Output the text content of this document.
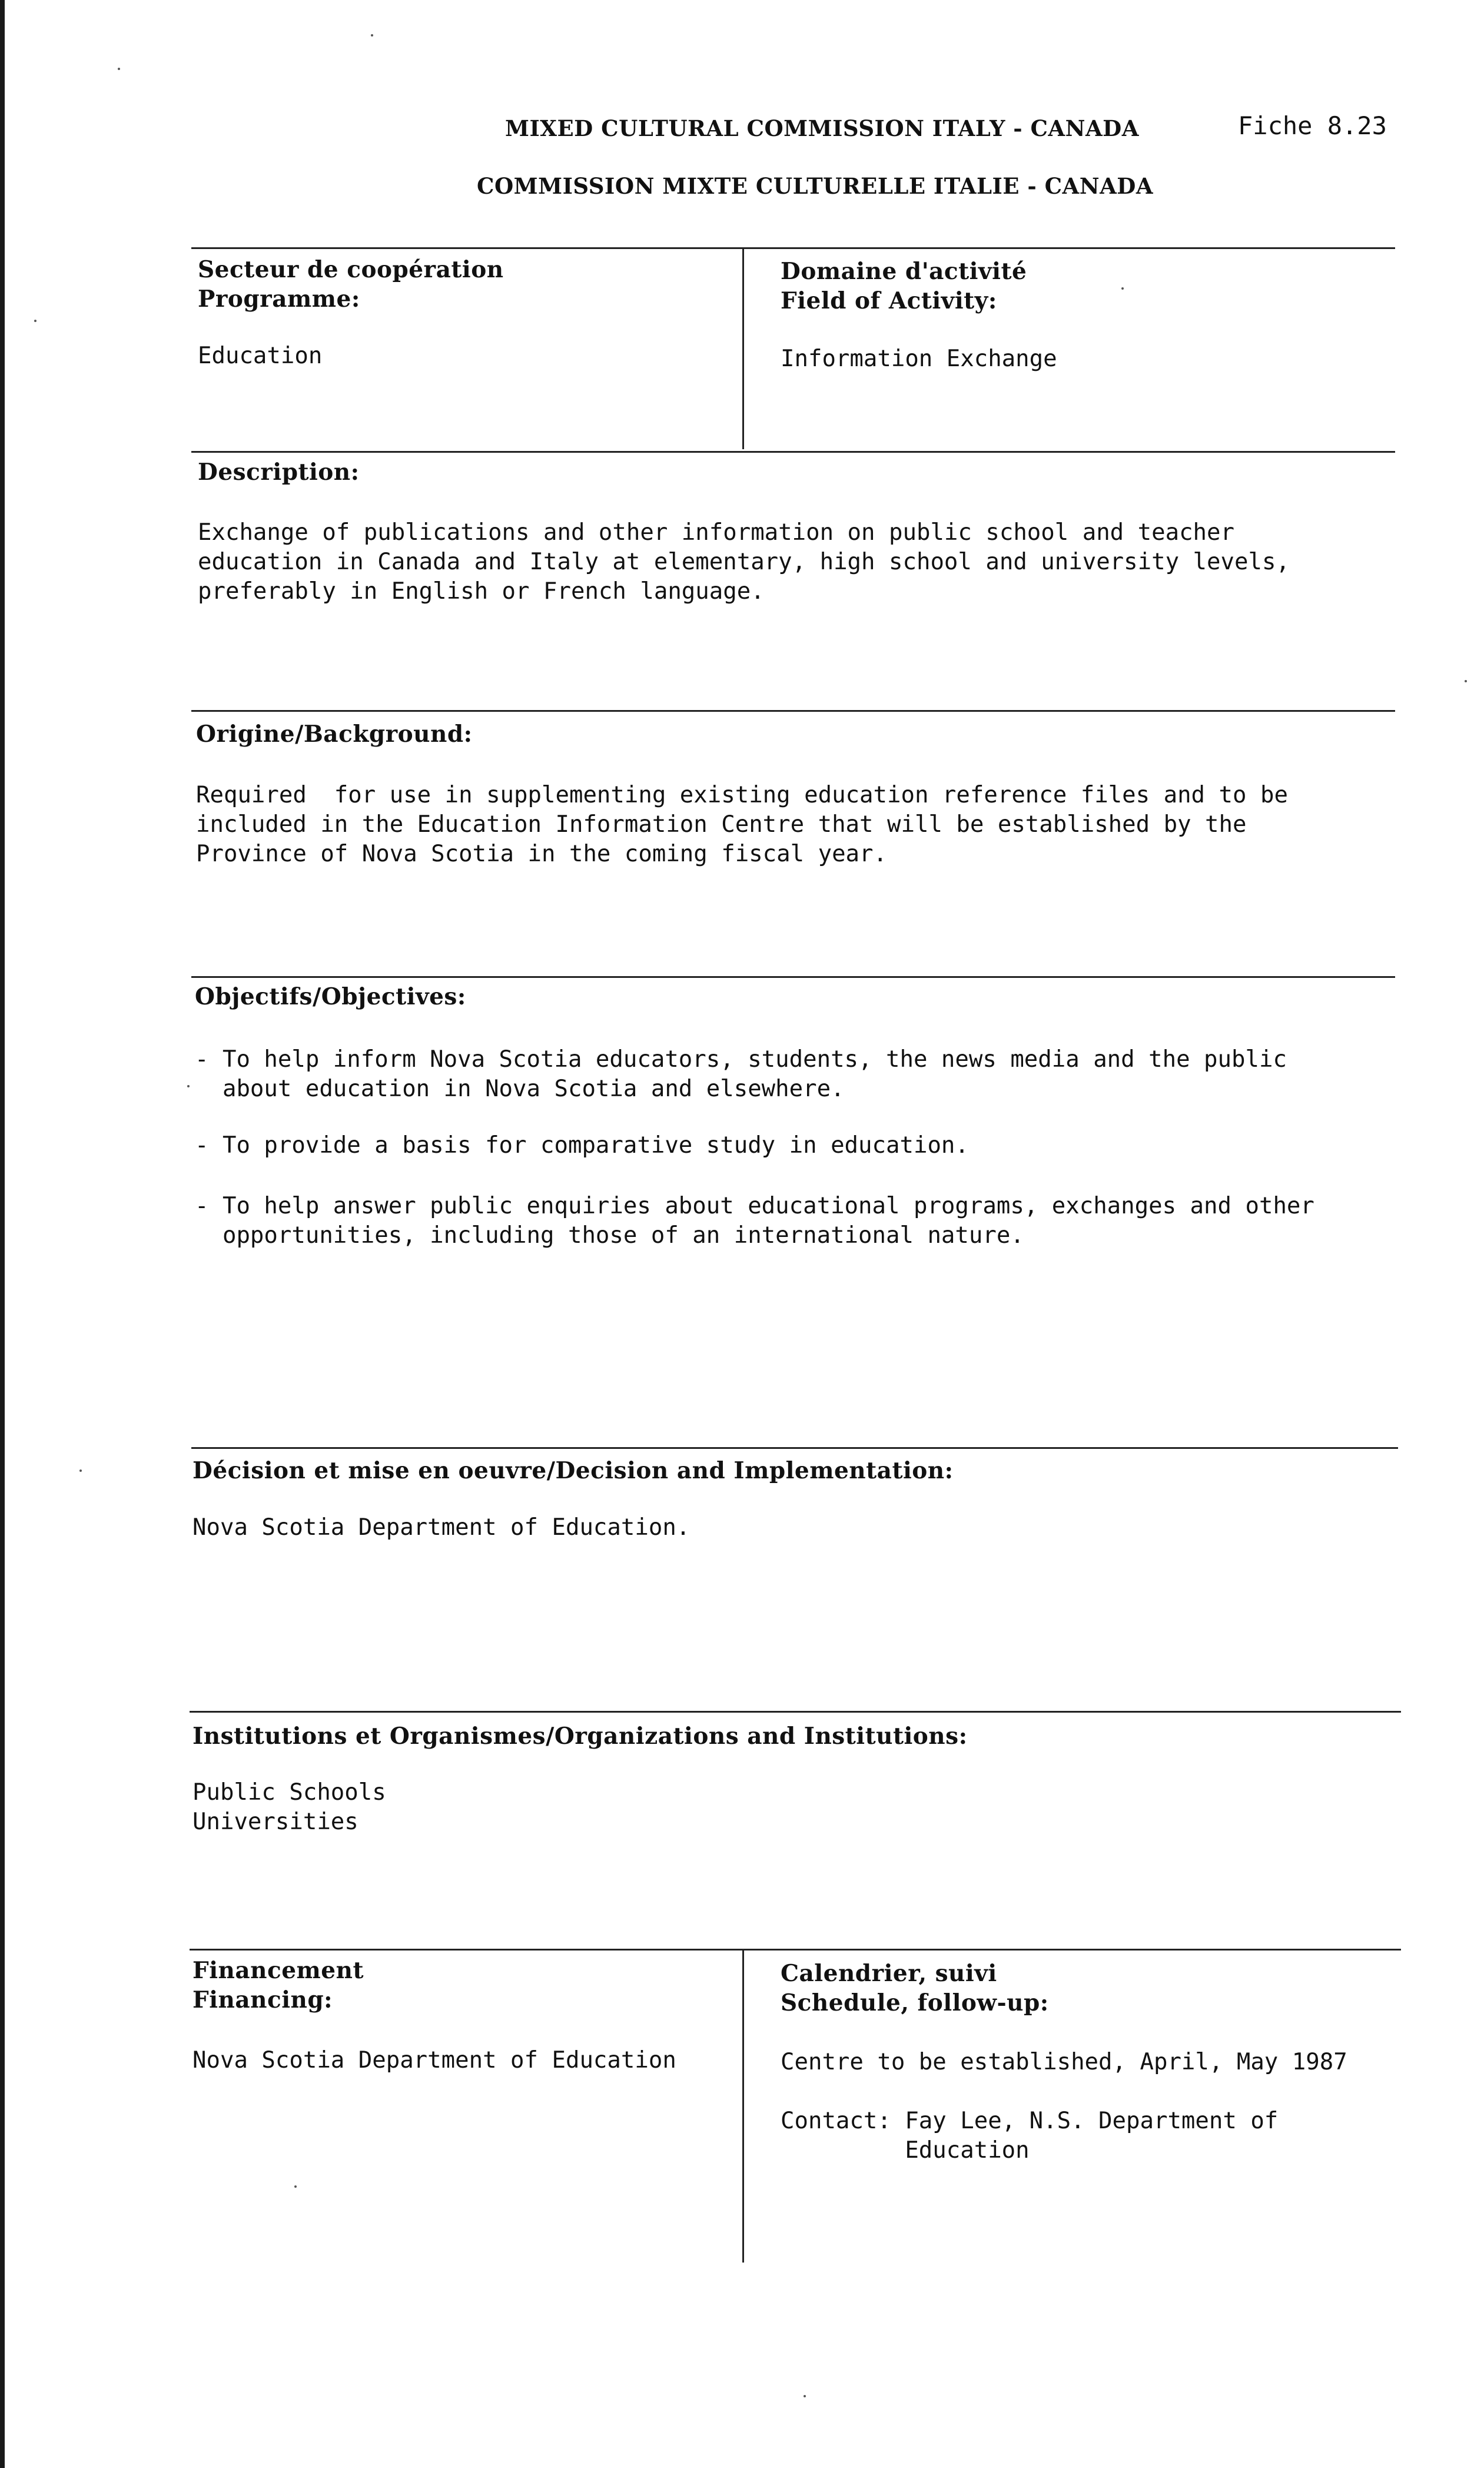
MIXED CULTURAL COMMISSION ITALY - CANADA	Fiche 8.23
COMMISSION MIXTE CULTURELLE ITALIE - CANADA
Secteur de coopération
Programme:
Education
Domaine d'activité
Field of Activity:
Information Exchange
Description:
Exchange of publications and other information on public school and teacher
education in Canada and Italy at elementary, high school and university levels,
preferably in English or French language.
Origine/Background:
Required  for use in supplementing existing education reference files and to be
included in the Education Information Centre that will be established by the
Province of Nova Scotia in the coming fiscal year.
Objectifs/Objectives:
- To help inform Nova Scotia educators, students, the news media and the public
about education in Nova Scotia and elsewhere.
- To provide a basis for comparative study in education.
- To help answer public enquiries about educational programs, exchanges and other
opportunities, including those of an international nature.
Décision et mise en oeuvre/Decision and Implementation:
Nova Scotia Department of Education.
Institutions et Organismes/Organizations and Institutions:
Public Schools
Universities
Financement
Financing:
Nova Scotia Department of Education
Calendrier, suivi
Schedule, follow-up:
Centre to be established, April, May 1987
Contact: Fay Lee, N.S. Department of
Education
